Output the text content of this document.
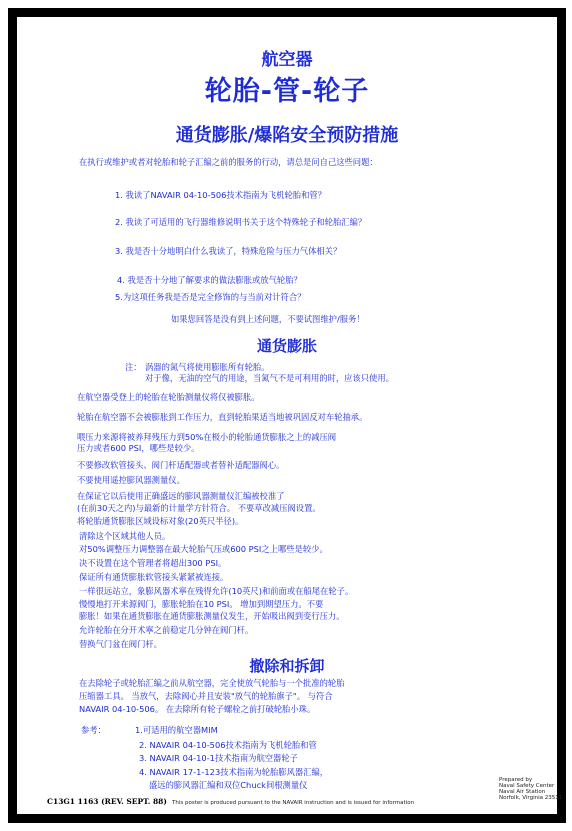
航空器
轮胎-管-轮子
通货膨胀/爆陷安全预防措施
在执行或维护或者对轮胎和轮子汇编之前的服务的行动，请总是问自己这些问题：
1. 我读了NAVAIR 04-10-506技术指南为飞机轮胎和管？
2. 我读了可适用的飞行器维修说明书关于这个特殊轮子和轮胎汇编？
3. 我是否十分地明白什么我读了，特殊危险与压力气体相关？
4. 我是否十分地了解要求的做法膨胀或放气轮胎？
5.为这项任务我是否是完全修饰的与当前对计符合？
如果您回答是没有到上述问题，不要试图维护/服务！
通货膨胀
注： 涡器的氮气将使用膨胀所有轮胎。
对于像，无油的空气的用途，当氮气不是可利用的时，应该只使用。
在航空器受登上的轮胎在轮胎测量仪将仅被膨胀。
轮胎在航空器不会被膨胀到工作压力，直到轮胎果适当地被巩固反对车轮抽承。
喂压力来源将被养拜残压力到50%在极小的轮胎通货膨胀之上的减压阀
压力或者600 PSI，哪些是较少。
不要修改软管接头、阀门杆适配器或者替补适配器阀心。
不要使用遥控膨风器测量仪。
在保证它以后使用正确盛远的膨风器测量仪汇编被校准了
(在前30天之内)与最新的计量学方针符合。 不要草改减压阀设置。
将轮胎通货膨胀区域设标对象(20英尺半径)。
清除这个区域其他人员。
对50%调整压力调整器在最大轮胎气压或600 PSI之上哪些是较少。
决不设置在这个管理者将超出300 PSI。
保证所有通货膨胀软管接头紧紧被连接。
一样很远站立，象膨风器术寧在残得允许(10英尺)和前面或在船尾在轮子。
慢慢地打开来源阀门，膨胀轮胎在10 PSI。 增加到期望压力。不要
膨胀！如果在通货膨胀在通货膨胀测量仪发生，开始吸出阀到变行压力。
允许轮胎在分开术寧之前稳定几分钟在阀门杆。
替换气门盆在阀门杆。
撤除和拆卸
在去除轮子或轮胎汇编之前从航空器，完全使放气轮胎与一个批准的轮胎
压缩器工具。 当放气，去除阀心并且安装"放气的轮胎旗子"。 与符合
NAVAIR 04-10-506。 在去除所有轮子螺栓之前打破轮胎小珠。
参考：	1.可适用的航空器MIM
2. NAVAIR 04-10-506技术指南为飞机轮胎和管
3. NAVAIR 04-10-1技术指南为航空器轮子
4. NAVAIR 17-1-123技术指南为轮胎膨风器汇编，
盛远的膨风器汇编和双位Chuck间根测量仪
C13G1 1163 (REV. SEPT. 88) This poster is produced pursuant to the NAVAIR instruction and is issued for information
Prepared by
Naval Safety Center
Naval Air Station
Norfolk, Virginia 23511
